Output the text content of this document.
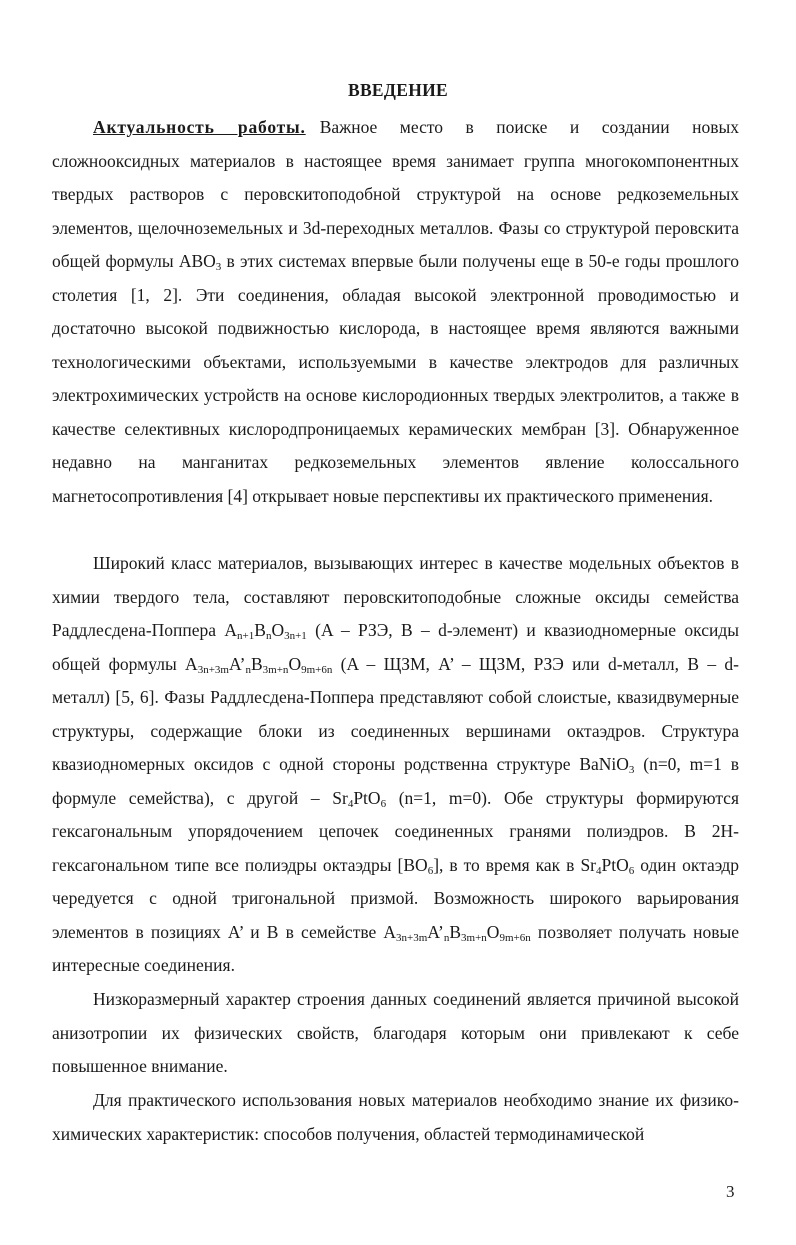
ВВЕДЕНИЕ

Актуальность работы. Важное место в поиске и создании новых сложнооксидных материалов в настоящее время занимает группа многокомпонентных твердых растворов с перовскитоподобной структурой на основе редкоземельных элементов, щелочноземельных и 3d-переходных металлов. Фазы со структурой перовскита общей формулы $ABO_3$ в этих системах впервые были получены еще в 50-е годы прошлого столетия [1, 2]. Эти соединения, обладая высокой электронной проводимостью и достаточно высокой подвижностью кислорода, в настоящее время являются важными технологическими объектами, используемыми в качестве электродов для различных электрохимических устройств на основе кислородионных твердых электролитов, а также в качестве селективных кислородпроницаемых керамических мембран [3]. Обнаруженное недавно на манганитах редкоземельных элементов явление колоссального магнетосопротивления [4] открывает новые перспективы их практического применения.

Широкий класс материалов, вызывающих интерес в качестве модельных объектов в химии твердого тела, составляют перовскитоподобные сложные оксиды семейства Раддлесдена-Поппера $A_{n+1}B_nO_{3n+1}$ (A – РЗЭ, B – d-элемент) и квазиодномерные оксиды общей формулы $A_{3n+3m}A’_nB_{3m+n}O_{9m+6n}$ (A – ЩЗМ, A’ – ЩЗМ, РЗЭ или d-металл, B – d-металл) [5, 6]. Фазы Раддлесдена-Поппера представляют собой слоистые, квазидвумерные структуры, содержащие блоки из соединенных вершинами октаэдров. Структура квазиодномерных оксидов с одной стороны родственна структуре BaNiO$_3$ (n=0, m=1 в формуле семейства), с другой – $Sr_4PtO_6$ (n=1, m=0). Обе структуры формируются гексагональным упорядочением цепочек соединенных гранями полиэдров. В 2H-гексагональном типе все полиэдры октаэдры $[BO_6]$, в то время как в $Sr_4PtO_6$ один октаэдр чередуется с одной тригональной призмой. Возможность широкого варьирования элементов в позициях A’ и B в семействе $A_{3n+3m}A’_nB_{3m+n}O_{9m+6n}$ позволяет получать новые интересные соединения.

Низкоразмерный характер строения данных соединений является причиной высокой анизотропии их физических свойств, благодаря которым они привлекают к себе повышенное внимание.

Для практического использования новых материалов необходимо знание их физико-химических характеристик: способов получения, областей термодинамической

3
